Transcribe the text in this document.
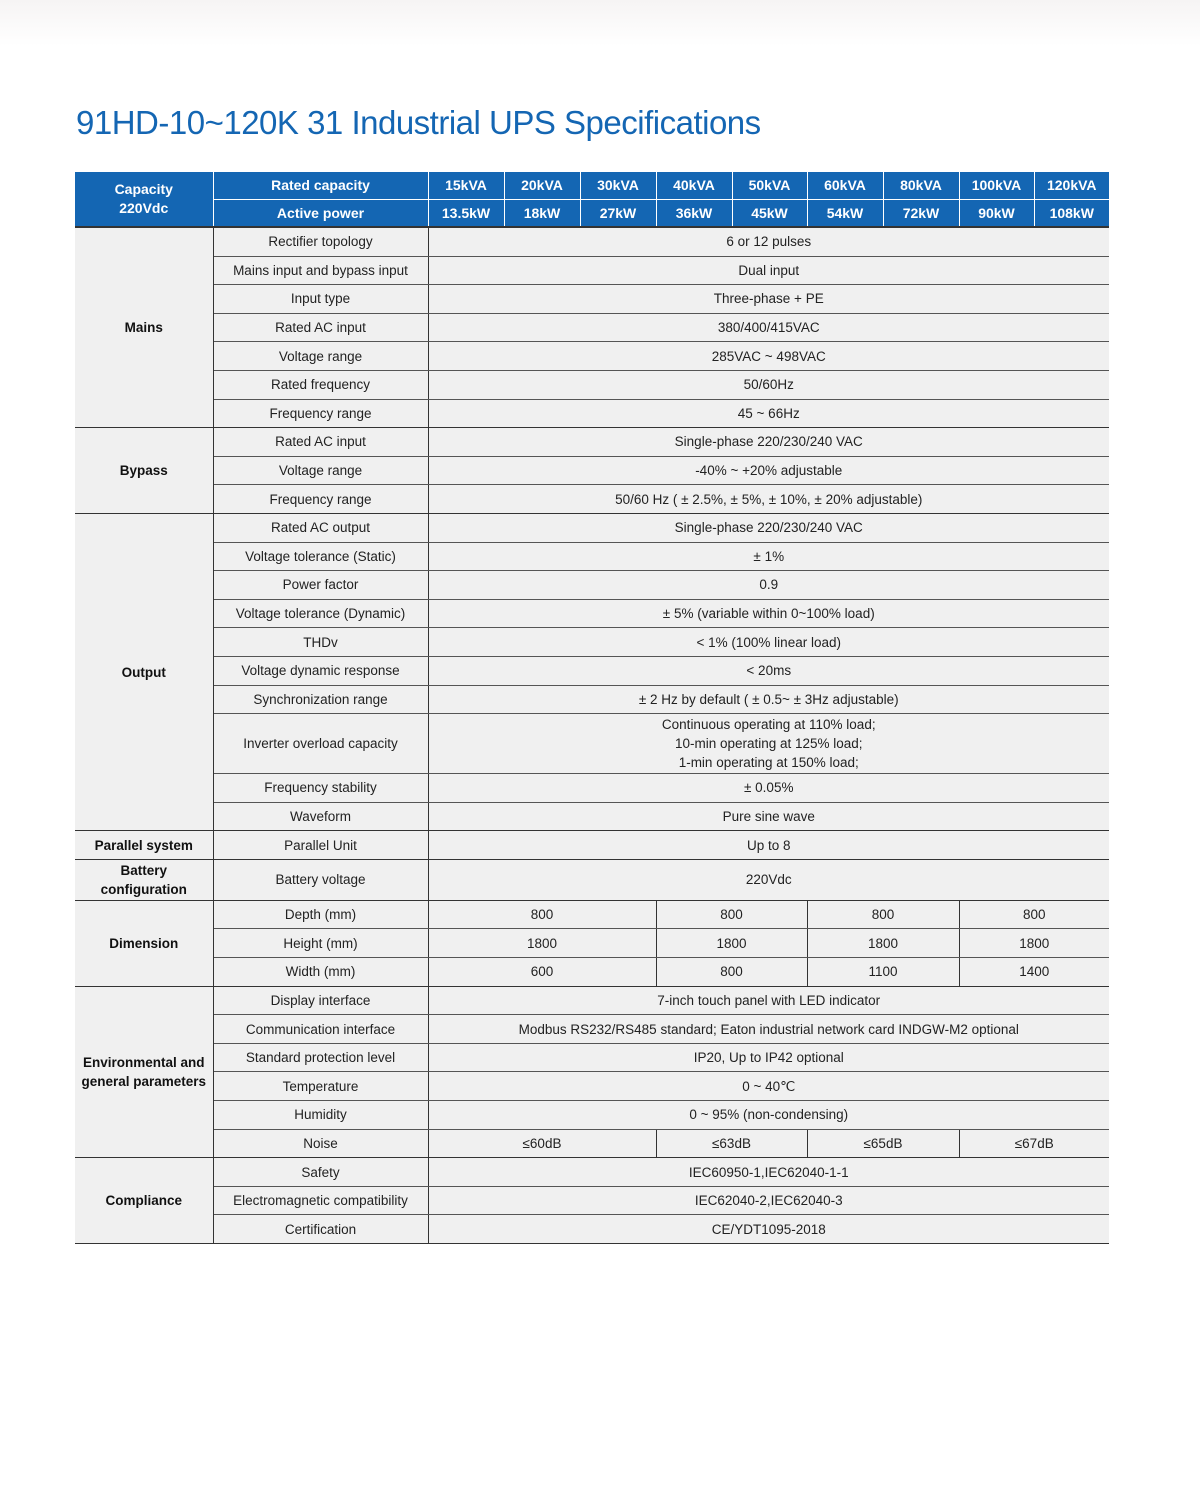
91HD-10~120K 31 Industrial UPS Specifications
Capacity
220Vdc	Rated capacity	15kVA	20kVA	30kVA	40kVA	50kVA	60kVA	80kVA	100kVA	120kVA
	Active power	13.5kW	18kW	27kW	36kW	45kW	54kW	72kW	90kW	108kW
Mains	Rectifier topology	6 or 12 pulses								
	Mains input and bypass input	Dual input								
	Input type	Three-phase + PE								
	Rated AC input	380/400/415VAC								
	Voltage range	285VAC ~ 498VAC								
	Rated frequency	50/60Hz								
	Frequency range	45 ~ 66Hz								
Bypass	Rated AC input	Single-phase 220/230/240 VAC								
	Voltage range	-40% ~ +20% adjustable								
	Frequency range	50/60 Hz ( ± 2.5%, ± 5%, ± 10%, ± 20% adjustable)								
Output	Rated AC output	Single-phase 220/230/240 VAC								
	Voltage tolerance (Static)	± 1%								
	Power factor	0.9								
	Voltage tolerance (Dynamic)	± 5% (variable within 0~100% load)								
	THDv	< 1% (100% linear load)								
	Voltage dynamic response	< 20ms								
	Synchronization range	± 2 Hz by default ( ± 0.5~ ± 3Hz adjustable)								
	Inverter overload capacity	Continuous operating at 110% load;
10-min operating at 125% load;
1-min operating at 150% load;								
	Frequency stability	± 0.05%								
	Waveform	Pure sine wave								
Parallel system	Parallel Unit	Up to 8								
Battery
configuration	Battery voltage	220Vdc								
Dimension	Depth (mm)	800			800		800		800	
	Height (mm)	1800			1800		1800		1800	
	Width (mm)	600			800		1100		1400	
Environmental and
general parameters	Display interface	7-inch touch panel with LED indicator								
	Communication interface	Modbus RS232/RS485 standard; Eaton industrial network card INDGW-M2 optional								
	Standard protection level	IP20, Up to IP42 optional								
	Temperature	0 ~ 40℃								
	Humidity	0 ~ 95% (non-condensing)								
	Noise	≤60dB			≤63dB		≤65dB		≤67dB	
Compliance	Safety	IEC60950-1,IEC62040-1-1								
	Electromagnetic compatibility	IEC62040-2,IEC62040-3								
	Certification	CE/YDT1095-2018								
